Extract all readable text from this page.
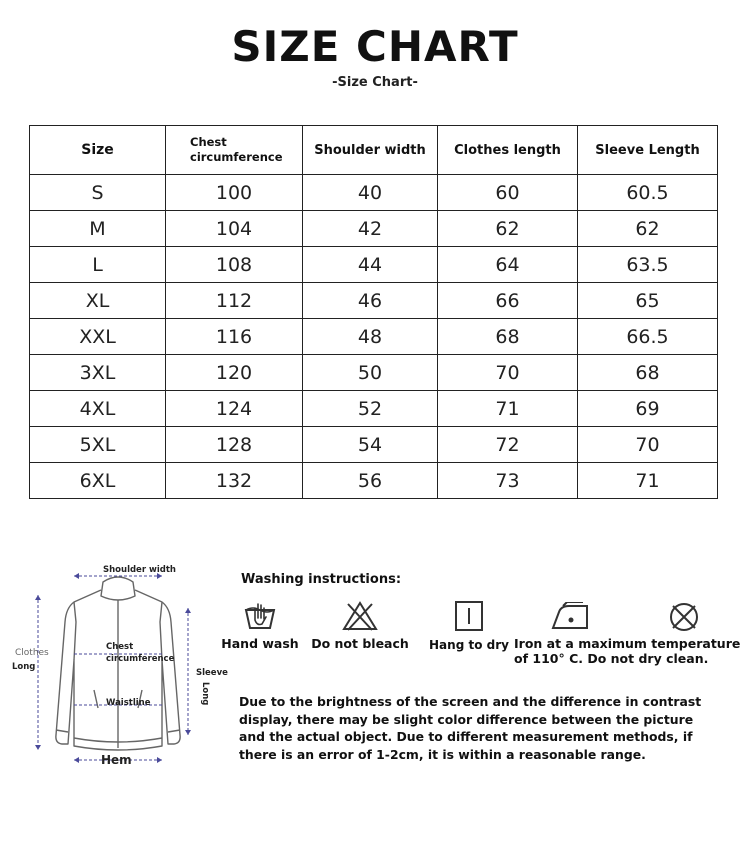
SIZE CHART
-Size Chart-
Size	Chest circumference	Shoulder width	Clothes length	Sleeve Length
S	100	40	60	60.5
M	104	42	62	62
L	108	44	64	63.5
XL	112	46	66	65
XXL	116	48	68	66.5
3XL	120	50	70	68
4XL	124	52	71	69
5XL	128	54	72	70
6XL	132	56	73	71
Shoulder width
Clothes
Long
Chest
circumference
Waistline
Sleeve
Long
Hem
Washing instructions:
Hand wash Do not bleach Hang to dry Iron at a maximum temperature
of 110° C. Do not dry clean.
Due to the brightness of the screen and the difference in contrast display, there may be slight color difference between the picture and the actual object. Due to different measurement methods, if there is an error of 1-2cm, it is within a reasonable range.
